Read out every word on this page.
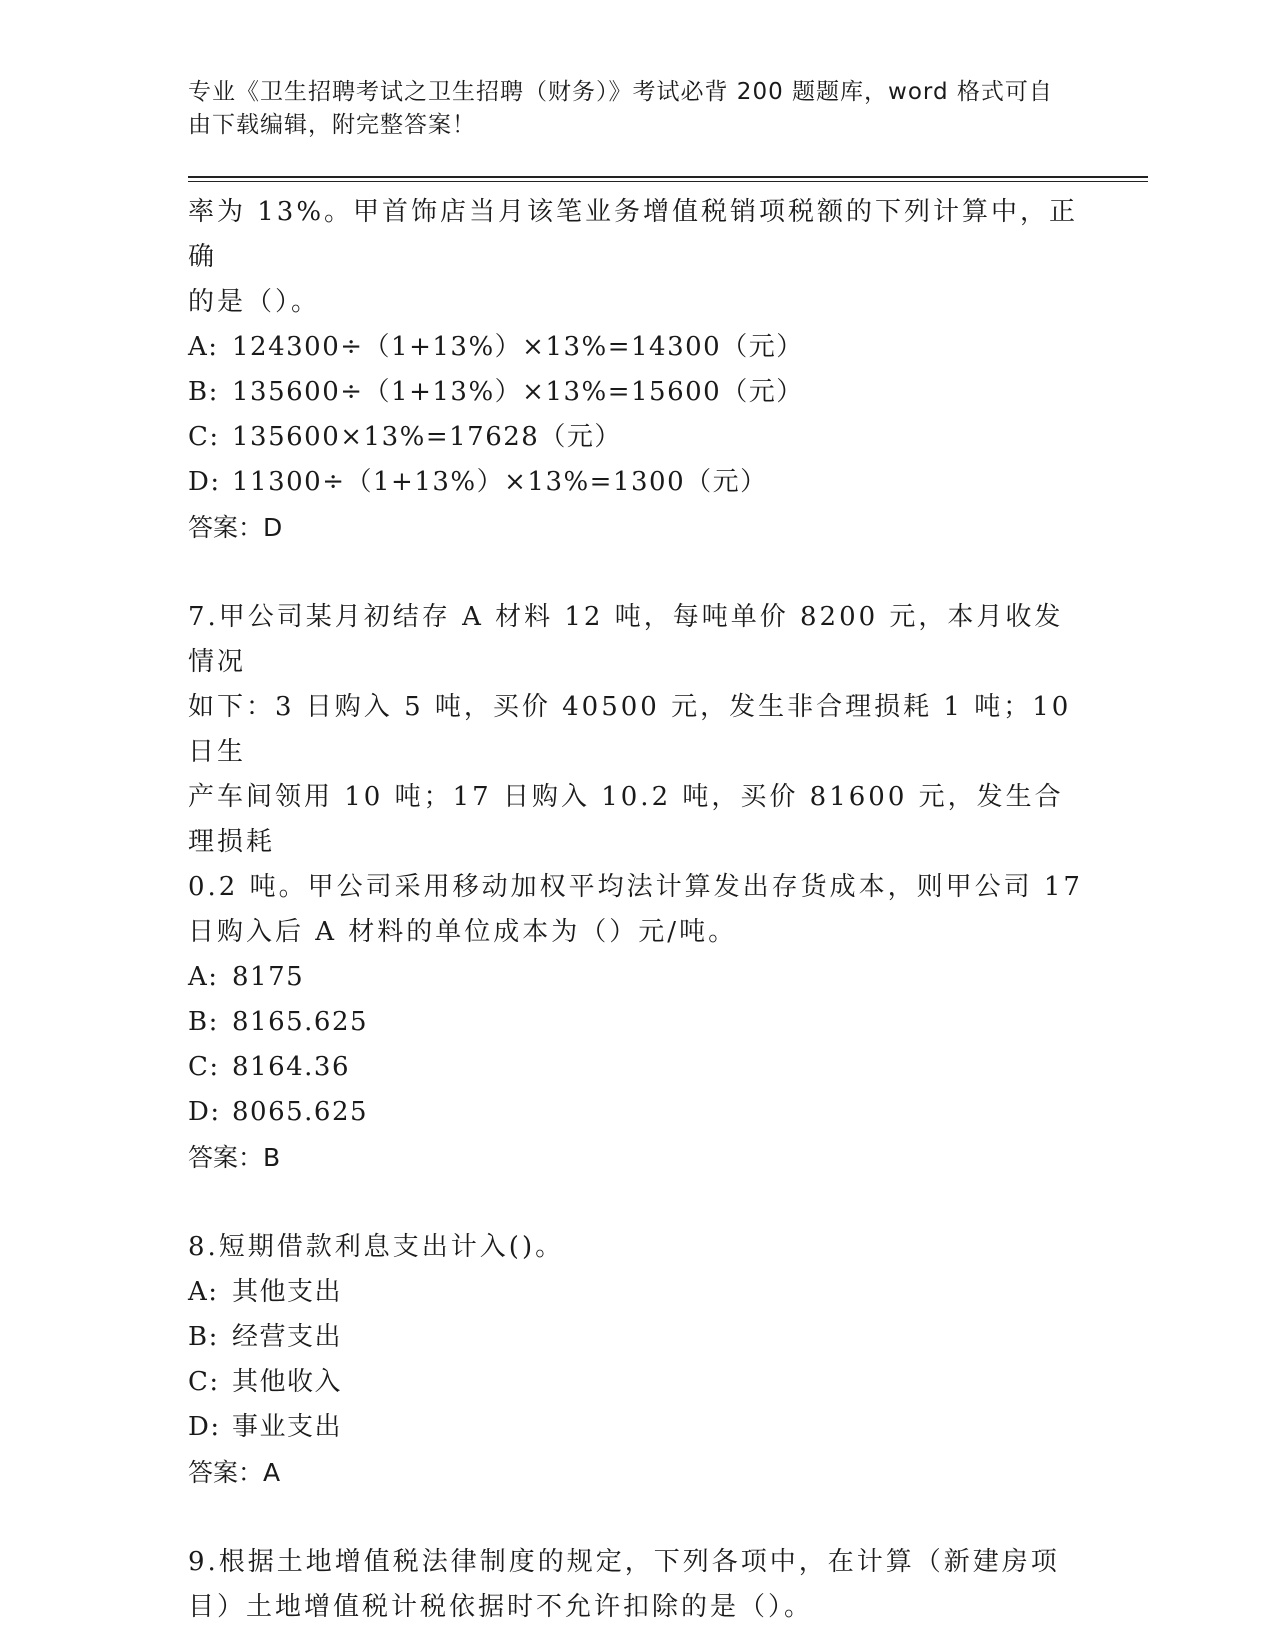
专业《卫生招聘考试之卫生招聘（财务）》考试必背 200 题题库，word 格式可自
由下载编辑，附完整答案！

率为 13%。甲首饰店当月该笔业务增值税销项税额的下列计算中，正确

的是（）。

A: 124300÷（1+13%）×13%=14300（元）

B: 135600÷（1+13%）×13%=15600（元）

C: 135600×13%=17628（元）

D: 11300÷（1+13%）×13%=1300（元）

答案：D

7.甲公司某月初结存 A 材料 12 吨，每吨单价 8200 元，本月收发情况

如下：3 日购入 5 吨，买价 40500 元，发生非合理损耗 1 吨；10 日生

产车间领用 10 吨；17 日购入 10.2 吨，买价 81600 元，发生合理损耗

0.2 吨。甲公司采用移动加权平均法计算发出存货成本，则甲公司 17

日购入后 A 材料的单位成本为（）元/吨。

A: 8175

B: 8165.625

C: 8164.36

D: 8065.625

答案：B

8.短期借款利息支出计入()。

A: 其他支出

B: 经营支出

C: 其他收入

D: 事业支出

答案：A

9.根据土地增值税法律制度的规定，下列各项中，在计算（新建房项

目）土地增值税计税依据时不允许扣除的是（）。
